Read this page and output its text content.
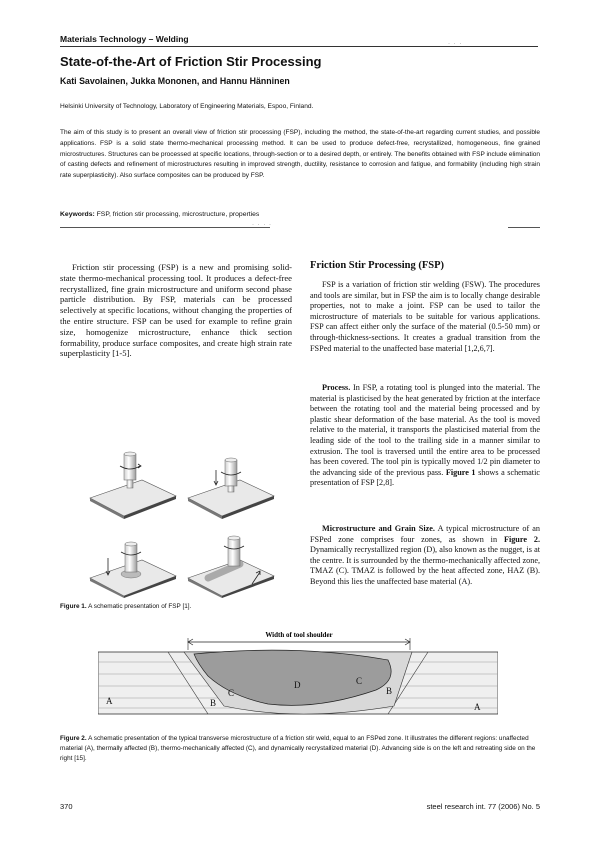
Materials Technology – Welding	· · ·
State-of-the-Art of Friction Stir Processing
Kati Savolainen, Jukka Mononen, and Hannu Hänninen
Helsinki University of Technology, Laboratory of Engineering Materials, Espoo, Finland.
The aim of this study is to present an overall view of friction stir processing (FSP), including the method, the state-of-the-art regarding current studies, and possible applications. FSP is a solid state thermo-mechanical processing method. It can be used to produce defect-free, recrystallized, homogeneous, fine grained microstructures. Structures can be processed at specific locations, through-section or to a desired depth, or entirely. The benefits obtained with FSP include elimination of casting defects and refinement of microstructures resulting in improved strength, ductility, resistance to corrosion and fatigue, and formability (including high strain rate superplasticity). Also surface composites can be produced by FSP.
Keywords: FSP, friction stir processing, microstructure, properties
· · · ·
Friction stir processing (FSP) is a new and promising solid-state thermo-mechanical processing tool. It produces a defect-free recrystallized, fine grain microstructure and uniform second phase particle distribution. By FSP, materials can be processed selectively at specific locations, without changing the properties of the entire structure. FSP can be used for example to refine grain size, homogenize microstructure, enhance thick section formability, produce surface composites, and create high strain rate superplasticity [1-5].
Figure 1. A schematic presentation of FSP [1].
Friction Stir Processing (FSP)
FSP is a variation of friction stir welding (FSW). The procedures and tools are similar, but in FSP the aim is to locally change desirable properties, not to make a joint. FSP can be used to tailor the microstructure of materials to be suitable for various applications. FSP can affect either only the surface of the material (0.5-50 mm) or through-thickness-sections. It creates a gradual transition from the FSPed material to the unaffected base material [1,2,6,7].
Process. In FSP, a rotating tool is plunged into the material. The material is plasticised by the heat generated by friction at the interface between the rotating tool and the material being processed and by plastic shear deformation of the base material. As the tool is moved relative to the material, it transports the plasticised material from the leading side of the tool to the trailing side in a manner similar to extrusion. The tool is traversed until the entire area to be processed has been covered. The tool pin is typically moved 1/2 pin diameter to the advancing side of the previous pass. Figure 1 shows a schematic presentation of FSP [2,8].
Microstructure and Grain Size. A typical microstructure of an FSPed zone comprises four zones, as shown in Figure 2. Dynamically recrystallized region (D), also known as the nugget, is at the centre. It is surrounded by the thermo-mechanically affected zone, TMAZ (C). TMAZ is followed by the heat affected zone, HAZ (B). Beyond this lies the unaffected base material (A).
Width of tool shoulder
A	B
C
D	C
B
A
Figure 2. A schematic presentation of the typical transverse microstructure of a friction stir weld, equal to an FSPed zone. It illustrates the different regions: unaffected material (A), thermally affected (B), thermo-mechanically affected (C), and dynamically recrystallized material (D). Advancing side is on the left and retreating side on the right [15].
370	steel research int. 77 (2006) No. 5
